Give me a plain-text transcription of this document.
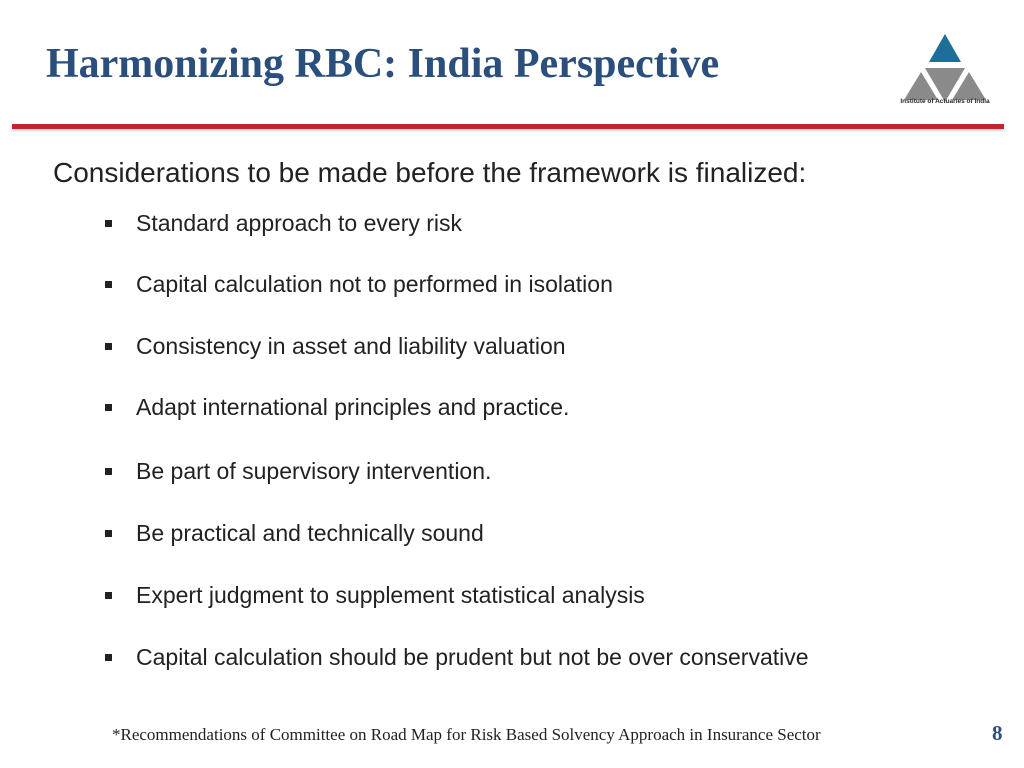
Harmonizing RBC: India Perspective
Institute of Actuaries of India
Considerations to be made before the framework is finalized:
Standard approach to every risk
Capital calculation not to performed in isolation
Consistency in asset and liability valuation
Adapt international principles and practice.
Be part of supervisory intervention.
Be practical and technically sound
Expert judgment to supplement statistical analysis
Capital calculation should be prudent but not be over conservative
*Recommendations of Committee on Road Map for Risk Based Solvency Approach in Insurance Sector	8
